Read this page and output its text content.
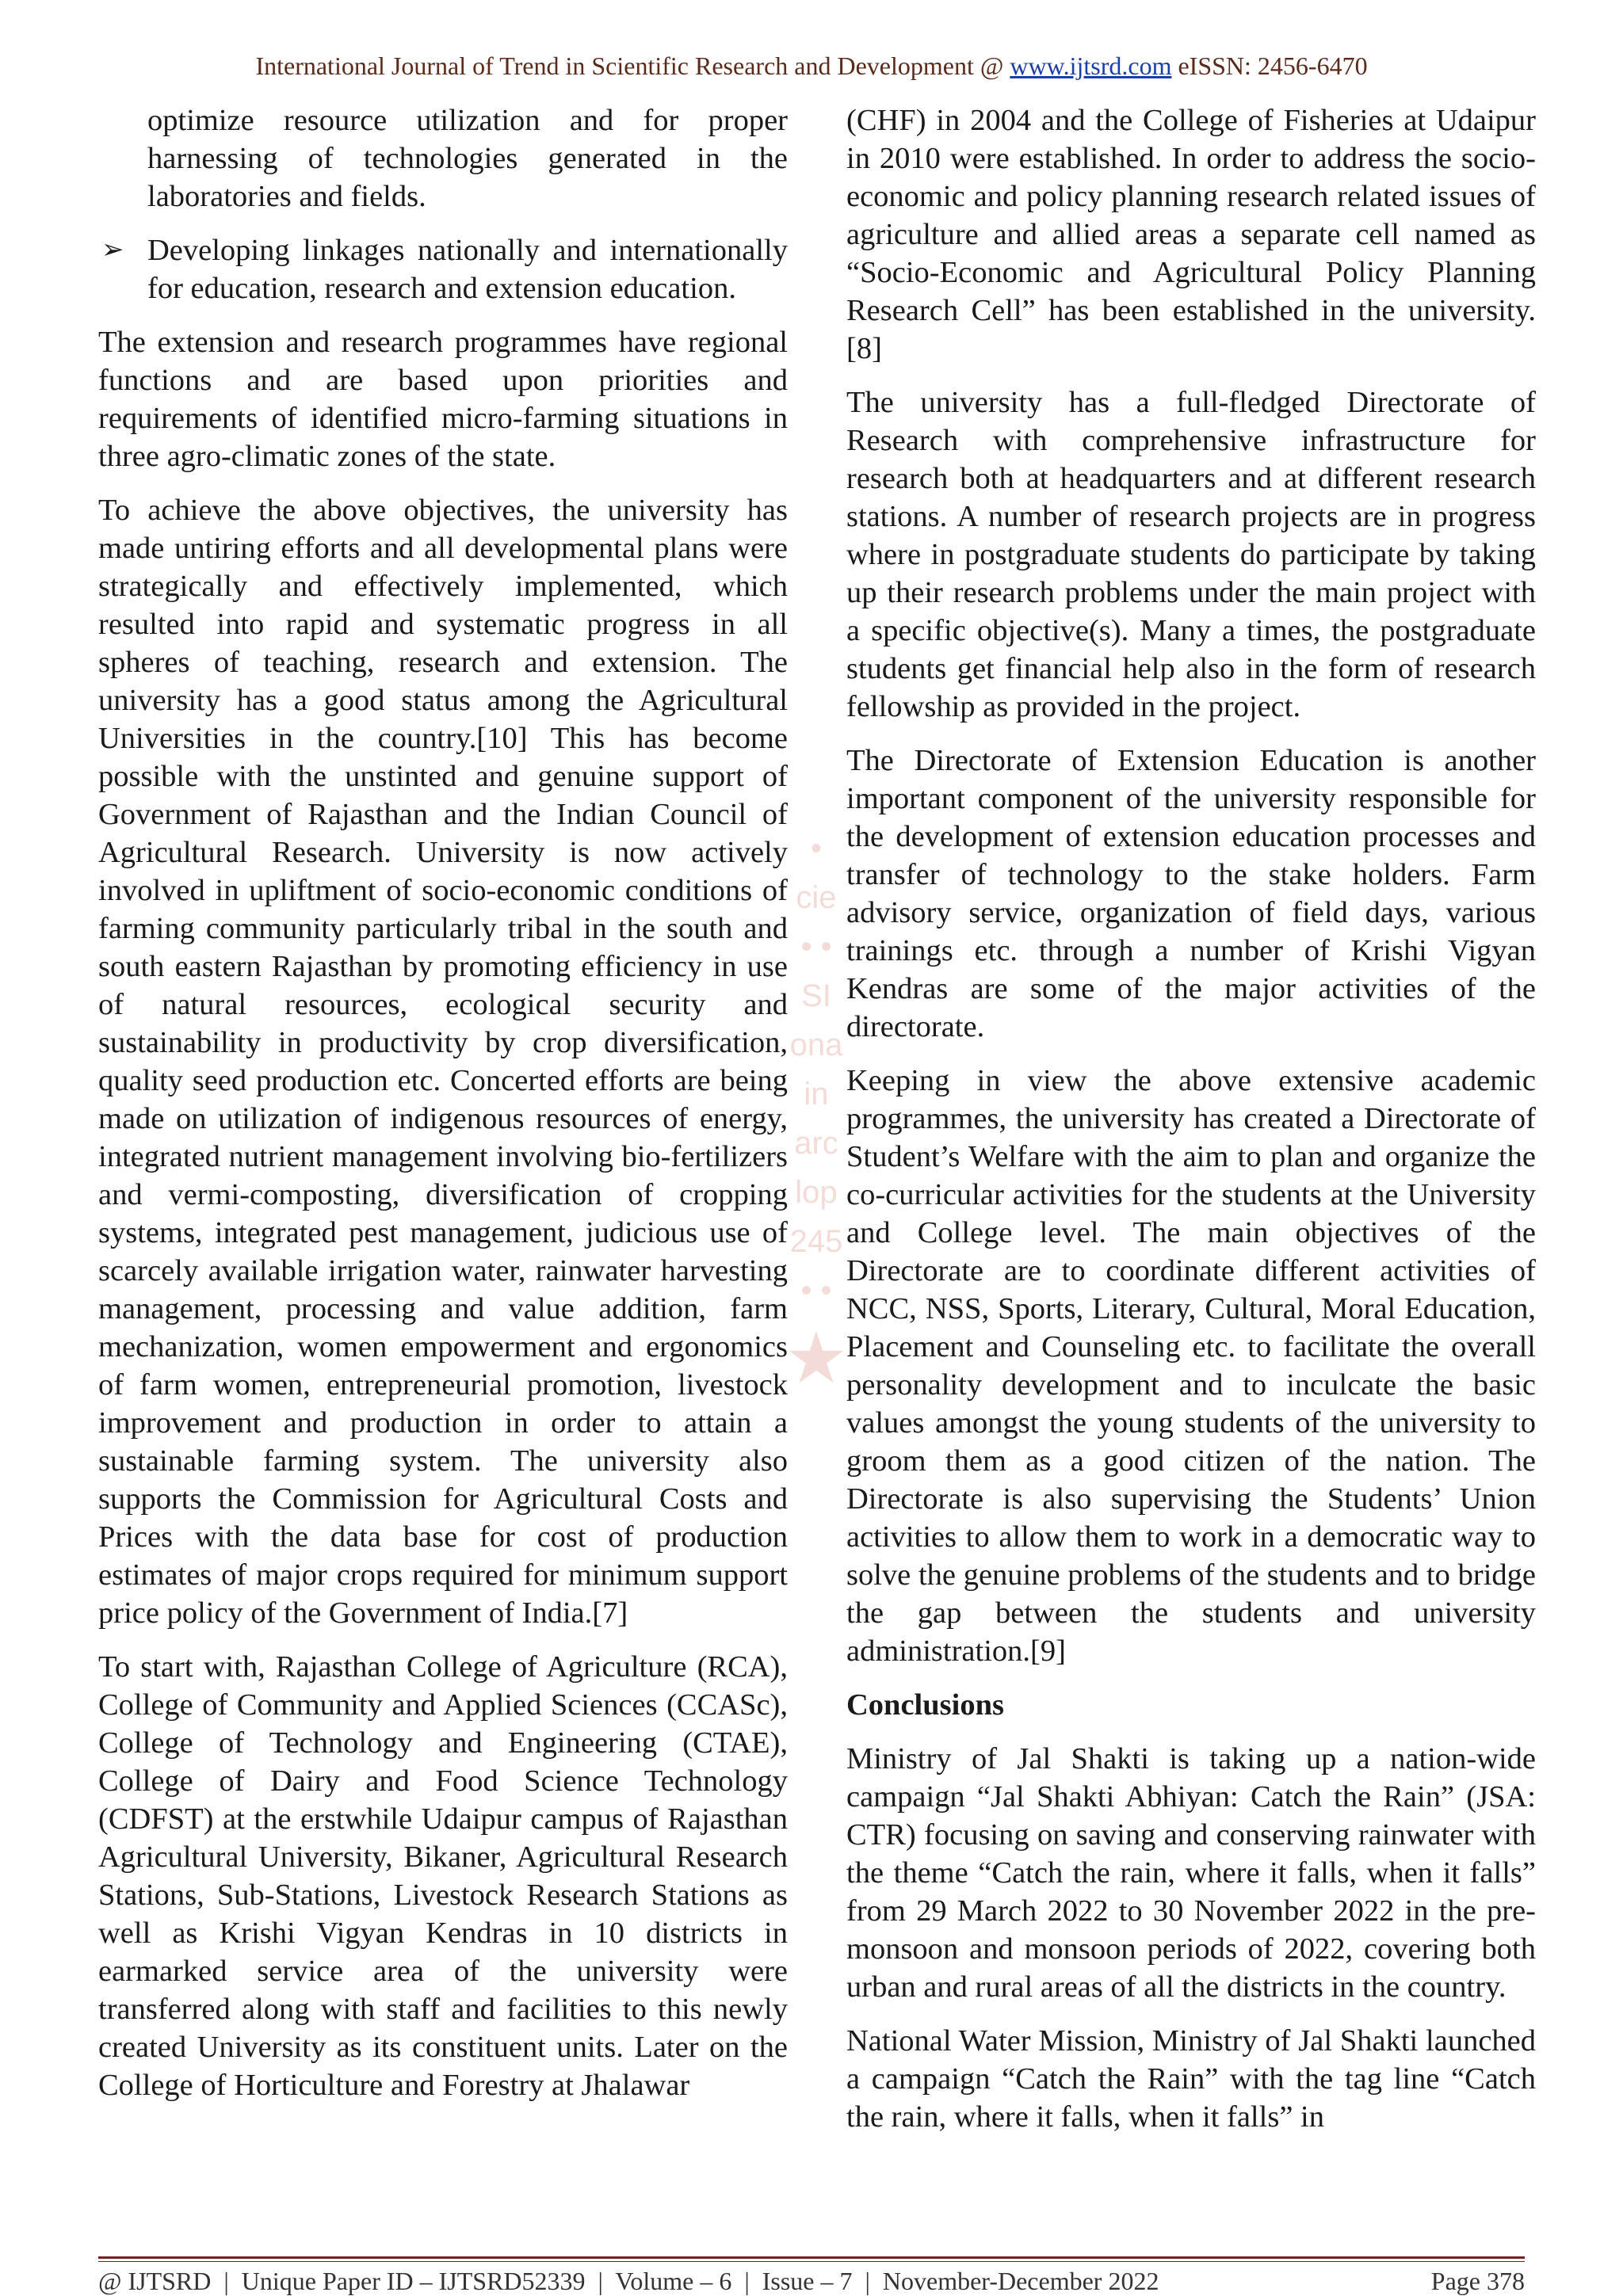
International Journal of Trend in Scientific Research and Development @ www.ijtsrd.com eISSN: 2456-6470

optimize resource utilization and for proper harnessing of technologies generated in the laboratories and fields.

➢ Developing linkages nationally and internationally for education, research and extension education.

The extension and research programmes have regional functions and are based upon priorities and requirements of identified micro-farming situations in three agro-climatic zones of the state.

To achieve the above objectives, the university has made untiring efforts and all developmental plans were strategically and effectively implemented, which resulted into rapid and systematic progress in all spheres of teaching, research and extension. The university has a good status among the Agricultural Universities in the country.[10] This has become possible with the unstinted and genuine support of Government of Rajasthan and the Indian Council of Agricultural Research. University is now actively involved in upliftment of socio-economic conditions of farming community particularly tribal in the south and south eastern Rajasthan by promoting efficiency in use of natural resources, ecological security and sustainability in productivity by crop diversification, quality seed production etc. Concerted efforts are being made on utilization of indigenous resources of energy, integrated nutrient management involving bio-fertilizers and vermi-composting, diversification of cropping systems, integrated pest management, judicious use of scarcely available irrigation water, rainwater harvesting management, processing and value addition, farm mechanization, women empowerment and ergonomics of farm women, entrepreneurial promotion, livestock improvement and production in order to attain a sustainable farming system. The university also supports the Commission for Agricultural Costs and Prices with the data base for cost of production estimates of major crops required for minimum support price policy of the Government of India.[7]

To start with, Rajasthan College of Agriculture (RCA), College of Community and Applied Sciences (CCASc), College of Technology and Engineering (CTAE), College of Dairy and Food Science Technology (CDFST) at the erstwhile Udaipur campus of Rajasthan Agricultural University, Bikaner, Agricultural Research Stations, Sub-Stations, Livestock Research Stations as well as Krishi Vigyan Kendras in 10 districts in earmarked service area of the university were transferred along with staff and facilities to this newly created University as its constituent units. Later on the College of Horticulture and Forestry at Jhalawar

•
cie
• •
SI
ona
in
arc
lop
245
• •
★

(CHF) in 2004 and the College of Fisheries at Udaipur in 2010 were established. In order to address the socio-economic and policy planning research related issues of agriculture and allied areas a separate cell named as “Socio-Economic and Agricultural Policy Planning Research Cell” has been established in the university. [8]

The university has a full-fledged Directorate of Research with comprehensive infrastructure for research both at headquarters and at different research stations. A number of research projects are in progress where in postgraduate students do participate by taking up their research problems under the main project with a specific objective(s). Many a times, the postgraduate students get financial help also in the form of research fellowship as provided in the project.

The Directorate of Extension Education is another important component of the university responsible for the development of extension education processes and transfer of technology to the stake holders. Farm advisory service, organization of field days, various trainings etc. through a number of Krishi Vigyan Kendras are some of the major activities of the directorate.

Keeping in view the above extensive academic programmes, the university has created a Directorate of Student’s Welfare with the aim to plan and organize the co-curricular activities for the students at the University and College level. The main objectives of the Directorate are to coordinate different activities of NCC, NSS, Sports, Literary, Cultural, Moral Education, Placement and Counseling etc. to facilitate the overall personality development and to inculcate the basic values amongst the young students of the university to groom them as a good citizen of the nation. The Directorate is also supervising the Students’ Union activities to allow them to work in a democratic way to solve the genuine problems of the students and to bridge the gap between the students and university administration.[9]

Conclusions

Ministry of Jal Shakti is taking up a nation-wide campaign “Jal Shakti Abhiyan: Catch the Rain” (JSA: CTR) focusing on saving and conserving rainwater with the theme “Catch the rain, where it falls, when it falls” from 29 March 2022 to 30 November 2022 in the pre-monsoon and monsoon periods of 2022, covering both urban and rural areas of all the districts in the country.

National Water Mission, Ministry of Jal Shakti launched a campaign “Catch the Rain” with the tag line “Catch the rain, where it falls, when it falls” in

@ IJTSRD  |  Unique Paper ID – IJTSRD52339  |  Volume – 6  |  Issue – 7  |  November-December 2022	Page 378
